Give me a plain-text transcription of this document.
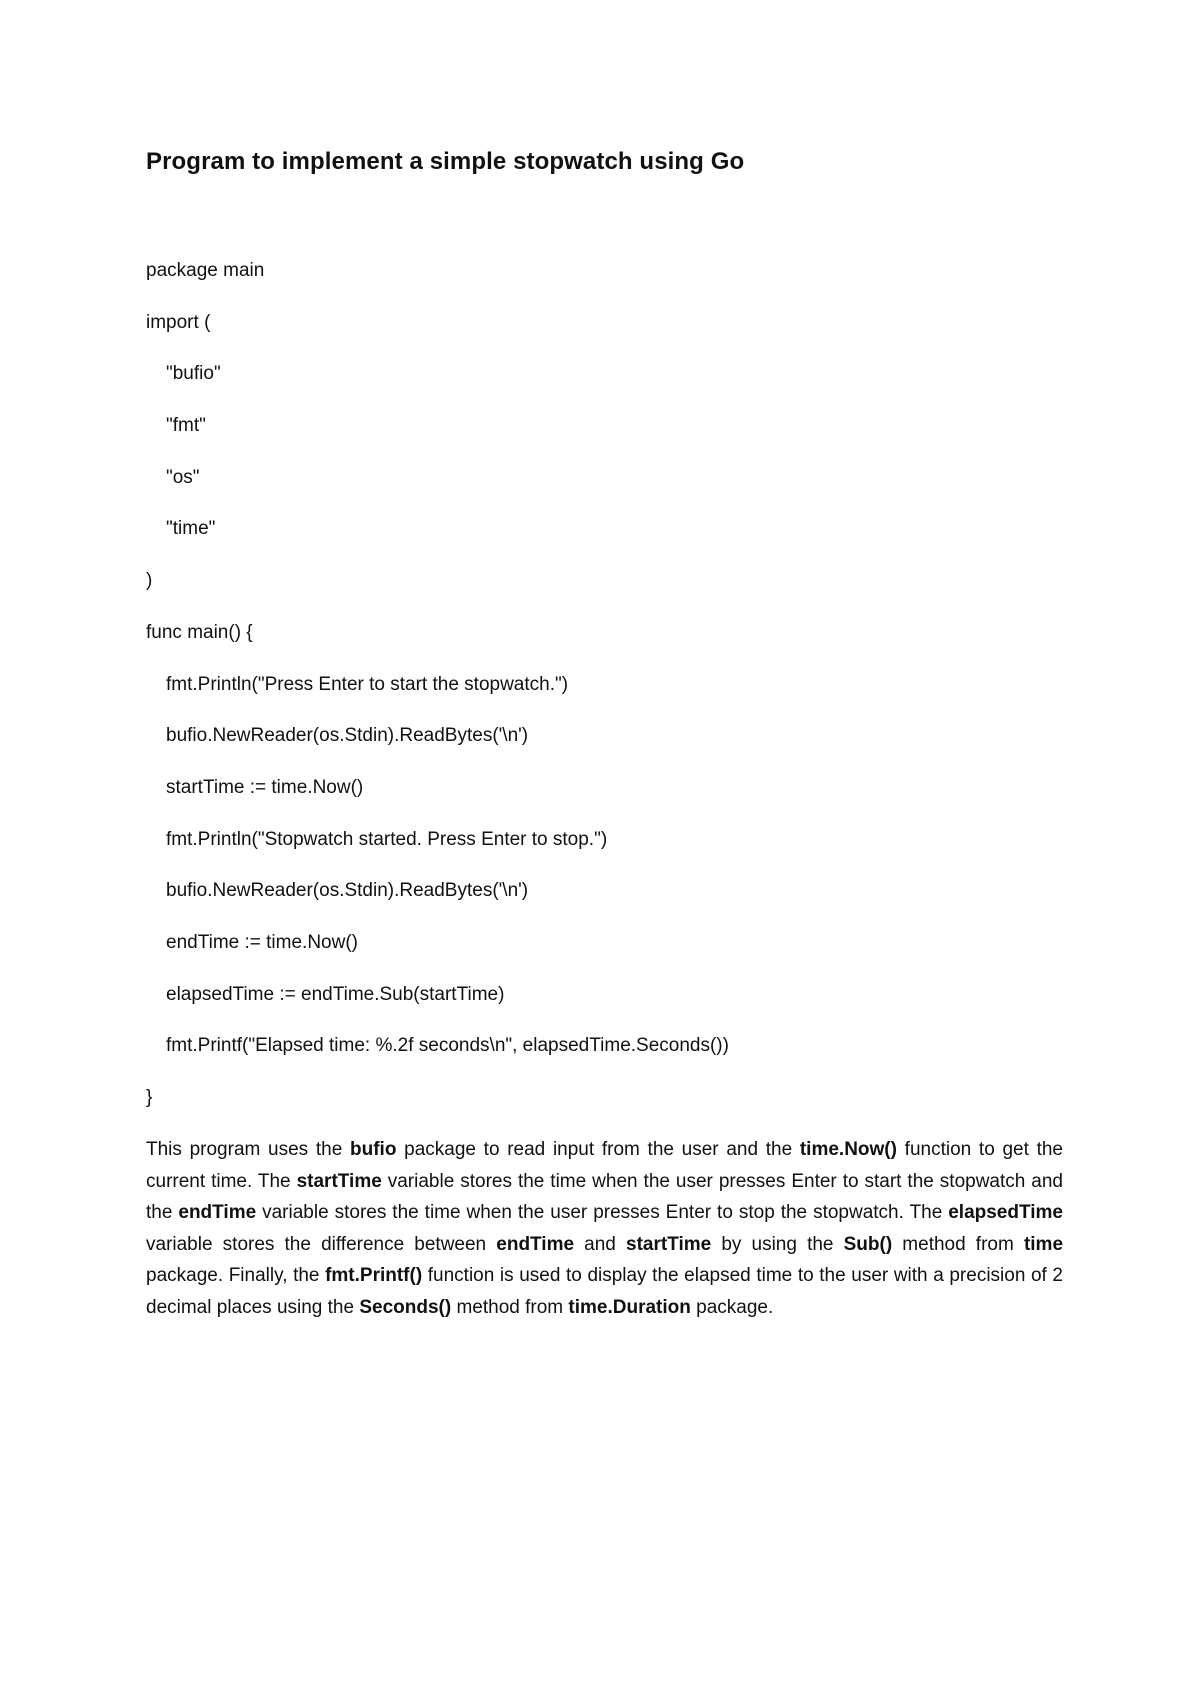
Program to implement a simple stopwatch using Go
package main
import (
"bufio"
"fmt"
"os"
"time"
)
func main() {
fmt.Println("Press Enter to start the stopwatch.")
bufio.NewReader(os.Stdin).ReadBytes('\n')
startTime := time.Now()
fmt.Println("Stopwatch started. Press Enter to stop.")
bufio.NewReader(os.Stdin).ReadBytes('\n')
endTime := time.Now()
elapsedTime := endTime.Sub(startTime)
fmt.Printf("Elapsed time: %.2f seconds\n", elapsedTime.Seconds())
}

This program uses the bufio package to read input from the user and the time.Now() function to get the current time. The startTime variable stores the time when the user presses Enter to start the stopwatch and the endTime variable stores the time when the user presses Enter to stop the stopwatch. The elapsedTime variable stores the difference between endTime and startTime by using the Sub() method from time package. Finally, the fmt.Printf() function is used to display the elapsed time to the user with a precision of 2 decimal places using the Seconds() method from time.Duration package.
